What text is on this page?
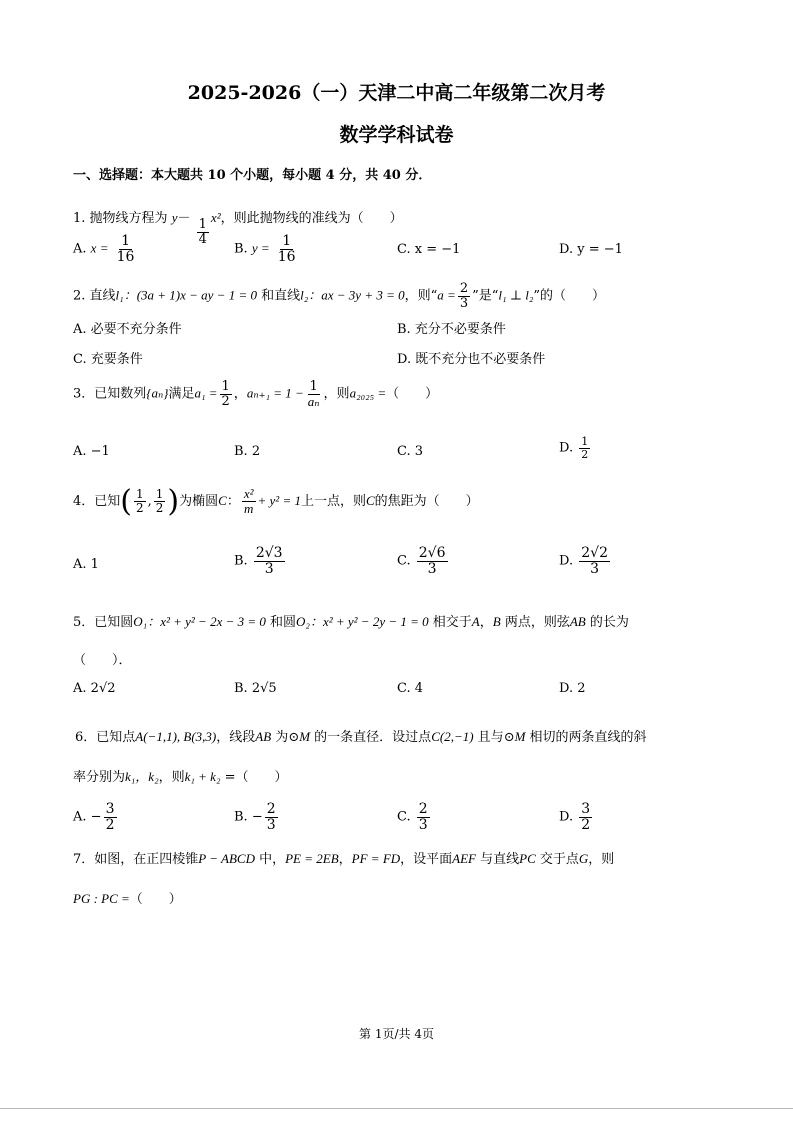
2025-2026（一）天津二中高二年级第二次月考
数学学科试卷
一、选择题：本大题共 10 个小题，每小题 4 分，共 40 分．
1. 抛物线方程为 $y- \frac{1}{4}$
x²，则此抛物线的准线为（　　）
A. $x = \frac{1}{16}$	B. $y = \frac{1}{16}$	C. x = −1	D. y = −1
2. 直线l₁：(3a + 1)x − ay − 1 = 0 和直线l₂：ax − 3y + 3 = 0，则“$a = \frac{2}{3}$ ”是“l₁ ⊥ l₂”的（　　）
A. 必要不充分条件	B. 充分不必要条件
C. 充要条件	D. 既不充分也不必要条件
3．已知数列{aₙ}满足$a_1 = \frac{1}{2}$ ，$a_{n+1} = 1 - \frac{1}{\text{aₙ}}$ ，则a₂₀₂₅ =（　　）
A. −1	B. 2	C. 3	D. $\frac{1}{2}$
4．已知( $\frac{1}{2}$ , $\frac{1}{2}$ )为椭圆C： $\frac{\text{x²}}{m} + y^2 = 1$上一点，则C的焦距为（　　）
A. 1	B. $\frac{2√3}{3}$	C. $\frac{2√6}{3}$	D. $\frac{2√2}{3}$
5．已知圆O₁：x² + y² − 2x − 3 = 0 和圆O₂：x² + y² − 2y − 1 = 0 相交于A，B 两点，则弦AB 的长为
（　　）．
A. 2√2	B. 2√5	C. 4	D. 2
6．已知点A(−1,1), B(3,3)，线段AB 为⊙M 的一条直径．设过点C(2,−1) 且与⊙M 相切的两条直线的斜
率分别为k₁，k₂，则k₁ + k₂ =（　　）
A. − $\frac{3}{2}$	B. − $\frac{2}{3}$	C. $\frac{2}{3}$	D. $\frac{3}{2}$
7．如图，在正四棱锥P − ABCD 中，PE = 2EB，PF = FD，设平面AEF 与直线PC 交于点G，则
PG : PC =（　　）
第 1页/共 4页
